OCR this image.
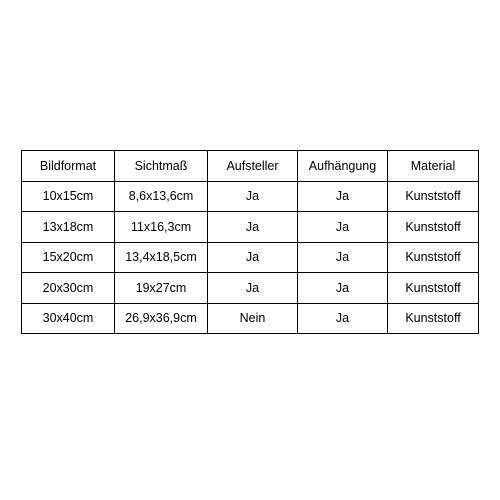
Bildformat	Sichtmaß	Aufsteller	Aufhängung	Material
10x15cm	8,6x13,6cm	Ja	Ja	Kunststoff
13x18cm	11x16,3cm	Ja	Ja	Kunststoff
15x20cm	13,4x18,5cm	Ja	Ja	Kunststoff
20x30cm	19x27cm	Ja	Ja	Kunststoff
30x40cm	26,9x36,9cm	Nein	Ja	Kunststoff
